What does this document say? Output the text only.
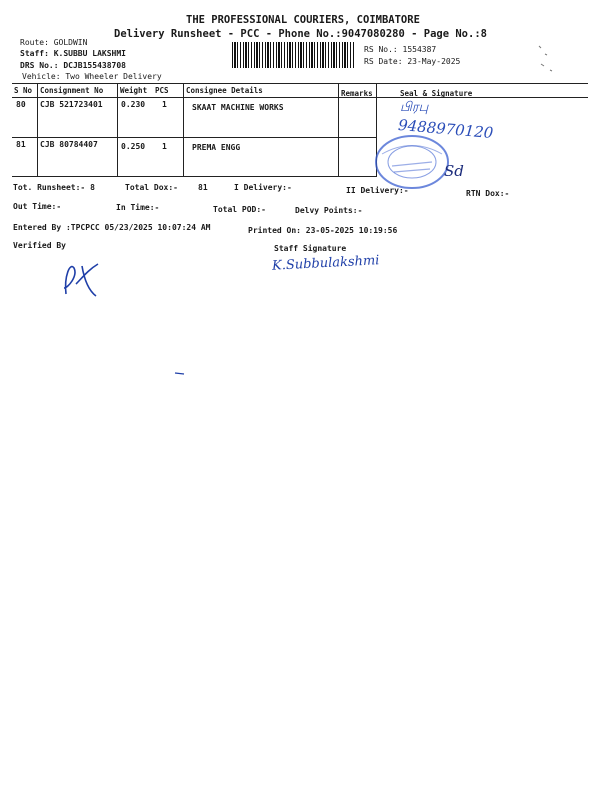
THE PROFESSIONAL COURIERS, COIMBATORE
Delivery Runsheet - PCC - Phone No.:9047080280 - Page No.:8
Route: GOLDWIN
Staff: K.SUBBU LAKSHMI
DRS No.: DCJB155438708
Vehicle: Two Wheeler Delivery
RS No.: 1554387
RS Date: 23-May-2025
S No Consignment No Weight PCS Consignee Details	Remarks	Seal & Signature
80 CJB 521723401 0.230 1	SKAAT MACHINE WORKS
81 CJB 80784407	0.250 1	PREMA ENGG
பிரபு
9488970120
Sd
Tot. Runsheet:- 8	Total Dox:-	81	I Delivery:-	II Delivery:-	RTN Dox:-
Out Time:-	In Time:-	Total POD:-	Delvy Points:-
Entered By :TPCPCC 05/23/2025 10:07:24 AM	Printed On: 23-05-2025 10:19:56
Verified By	Staff Signature
K.Subbulakshmi
